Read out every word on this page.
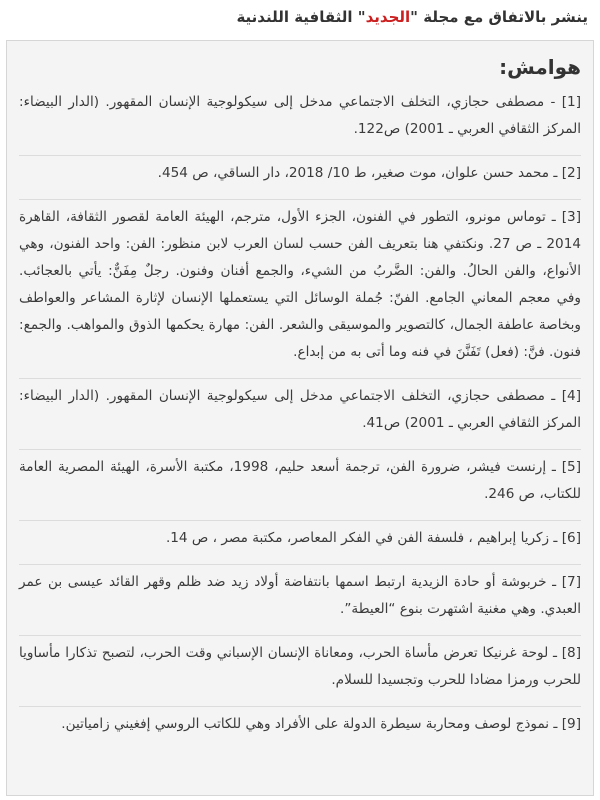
ينشر بالاتفاق مع مجلة "الجديد" الثقافية اللندنية
هوامش:
[1] - مصطفى حجازي، التخلف الاجتماعي مدخل إلى سيكولوجية الإنسان المقهور. (الدار البيضاء: المركز الثقافي العربي ـ 2001) ص122.
[2] ـ محمد حسن علوان، موت صغير، ط 10/ 2018، دار الساقي، ص 454.
[3] ـ توماس مونرو، التطور في الفنون، الجزء الأول، مترجم، الهيئة العامة لقصور الثقافة، القاهرة 2014 ـ ص 27. ونكتفي هنا بتعريف الفن حسب لسان العرب لابن منظور: الفن: واحد الفنون، وهي الأنواع، والفن الحالُ. والفن: الضَّربُ من الشيء، والجمع أفنان وفنون. رجلٌ مِفَنٌّ: يأتي بالعجائب. وفي معجم المعاني الجامع. الفنّ: جُملة الوسائل التي يستعملها الإنسان لإثارة المشاعر والعواطف وبخاصة عاطفة الجمال، كالتصوير والموسيقى والشعر. الفن: مهارة يحكمها الذوق والمواهب. والجمع: فنون. فنَّ: (فعل) تَفَنَّنَ في فنه وما أتى به من إبداع.
[4] ـ مصطفى حجازي، التخلف الاجتماعي مدخل إلى سيكولوجية الإنسان المقهور. (الدار البيضاء: المركز الثقافي العربي ـ 2001) ص41.
[5] ـ إرنست فيشر، ضرورة الفن، ترجمة أسعد حليم، 1998، مكتبة الأسرة، الهيئة المصرية العامة للكتاب، ص 246.
[6] ـ زكريا إبراهيم ، فلسفة الفن في الفكر المعاصر، مكتبة مصر ، ص 14.
[7] ـ خربوشة أو حادة الزيدية ارتبط اسمها بانتفاضة أولاد زيد ضد ظلم وقهر القائد عيسى بن عمر العبدي. وهي مغنية اشتهرت بنوع “العيطة”.
[8] ـ لوحة غرنيكا تعرض مأساة الحرب، ومعاناة الإنسان الإسباني وقت الحرب، لتصبح تذكارا مأساويا للحرب ورمزا مضادا للحرب وتجسيدا للسلام.
[9] ـ نموذج لوصف ومحاربة سيطرة الدولة على الأفراد وهي للكاتب الروسي إفغيني زامياتين.
